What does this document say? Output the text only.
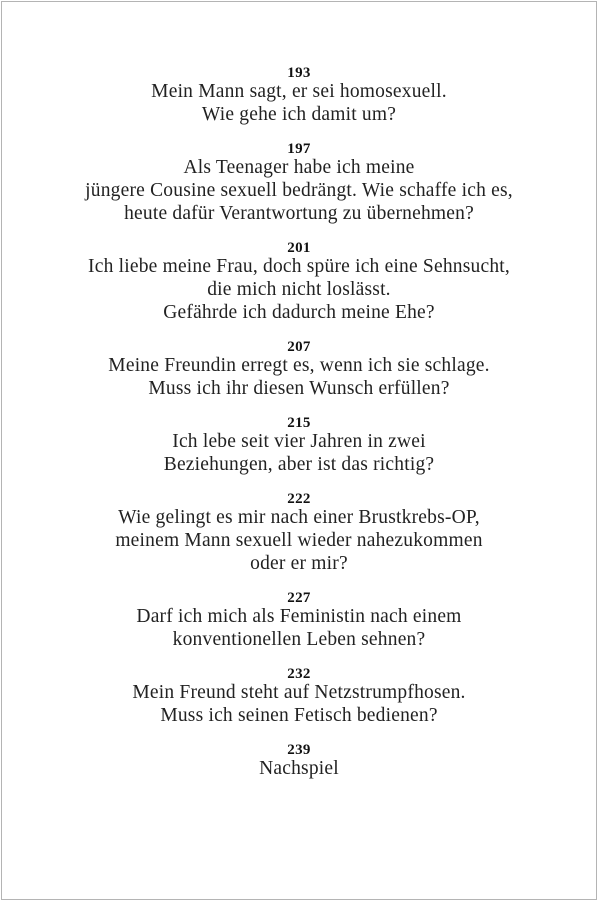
193
Mein Mann sagt, er sei homosexuell.
Wie gehe ich damit um?
197
Als Teenager habe ich meine
jüngere Cousine sexuell bedrängt. Wie schaffe ich es,
heute dafür Verantwortung zu übernehmen?
201
Ich liebe meine Frau, doch spüre ich eine Sehnsucht,
die mich nicht loslässt.
Gefährde ich dadurch meine Ehe?
207
Meine Freundin erregt es, wenn ich sie schlage.
Muss ich ihr diesen Wunsch erfüllen?
215
Ich lebe seit vier Jahren in zwei
Beziehungen, aber ist das richtig?
222
Wie gelingt es mir nach einer Brustkrebs-OP,
meinem Mann sexuell wieder nahezukommen
oder er mir?
227
Darf ich mich als Feministin nach einem
konventionellen Leben sehnen?
232
Mein Freund steht auf Netzstrumpfhosen.
Muss ich seinen Fetisch bedienen?
239
Nachspiel
